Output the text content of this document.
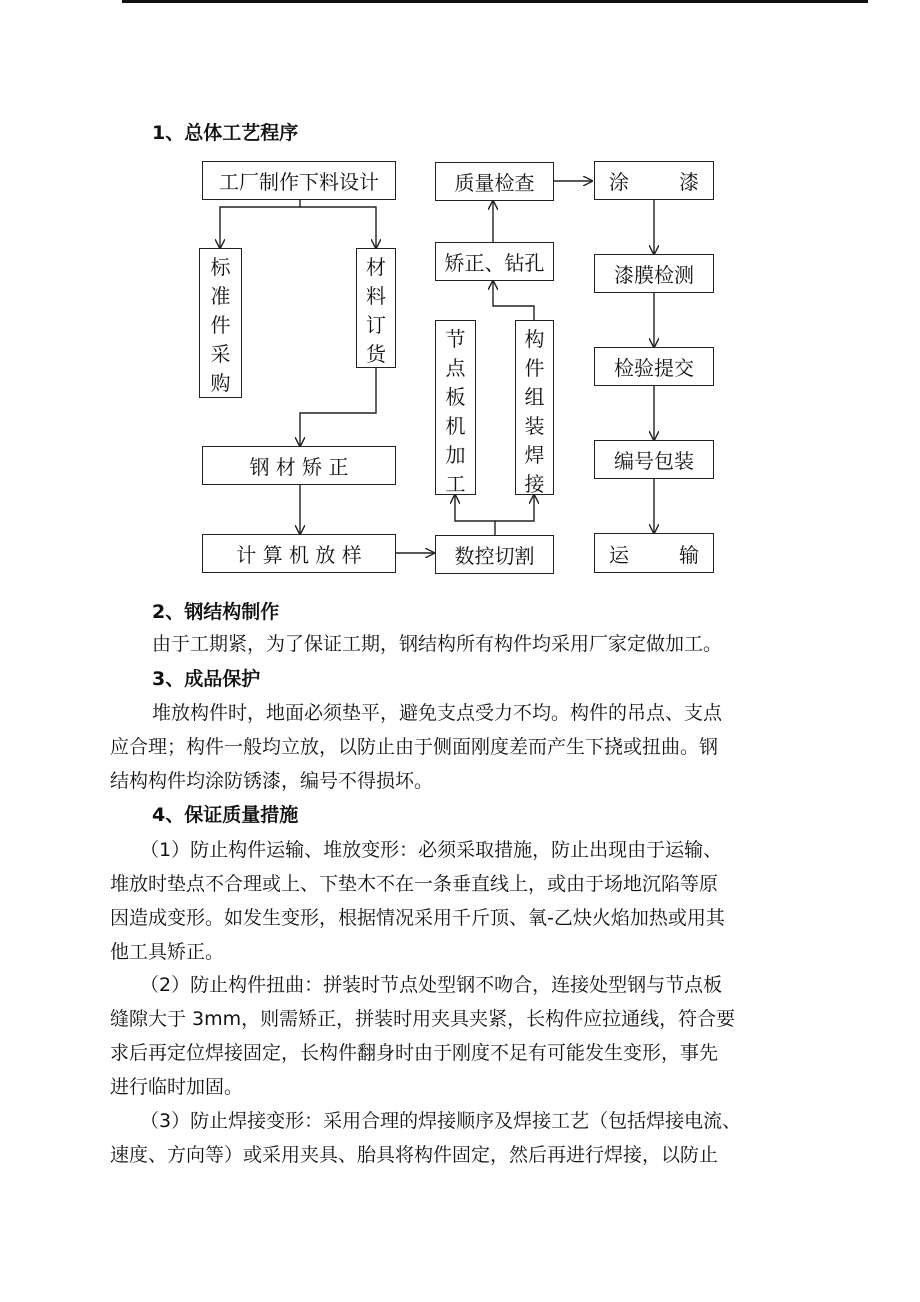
1、总体工艺程序
工厂制作下料设计
标
准
件
采
购
材
料
订
货
钢 材 矫 正
计 算 机 放 样	数控切割
节
点
板
机
加
工
构
件
组
装
焊
接
矫正、钻孔
质量检查	涂	漆
漆膜检测
检验提交
编号包装
运	输
2、钢结构制作
由于工期紧，为了保证工期，钢结构所有构件均采用厂家定做加工。
3、成品保护
堆放构件时，地面必须垫平，避免支点受力不均。构件的吊点、支点
应合理；构件一般均立放，以防止由于侧面刚度差而产生下挠或扭曲。钢
结构构件均涂防锈漆，编号不得损坏。
4、保证质量措施
（1）防止构件运输、堆放变形：必须采取措施，防止出现由于运输、
堆放时垫点不合理或上、下垫木不在一条垂直线上，或由于场地沉陷等原
因造成变形。如发生变形，根据情况采用千斤顶、氧-乙炔火焰加热或用其
他工具矫正。
（2）防止构件扭曲：拼装时节点处型钢不吻合，连接处型钢与节点板
缝隙大于 3mm，则需矫正，拼装时用夹具夹紧，长构件应拉通线，符合要
求后再定位焊接固定，长构件翻身时由于刚度不足有可能发生变形，事先
进行临时加固。
（3）防止焊接变形：采用合理的焊接顺序及焊接工艺（包括焊接电流、
速度、方向等）或采用夹具、胎具将构件固定，然后再进行焊接，以防止
